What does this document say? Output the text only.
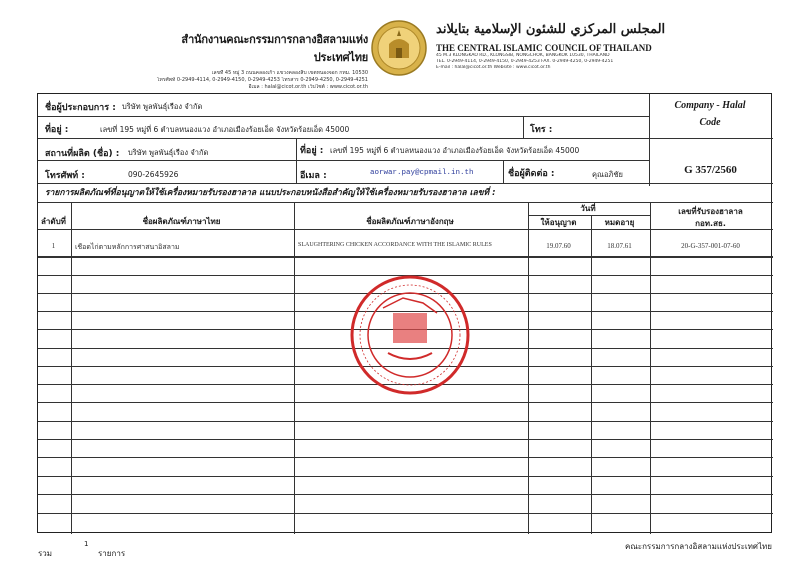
สำนักงานคณะกรรมการกลางอิสลามแห่งประเทศไทย
เลขที่ 45 หมู่ 3 ถนนคลองเก้า แขวงคลองสิบ เขตหนองจอก กทม. 10530
โทรศัพท์ 0-2949-4114, 0-2949-4150, 0-2949-4253 โทรสาร 0-2949-4250, 0-2949-4251
อีเมล : halal@cicot.or.th เว็บไซต์ : www.cicot.or.th
المجلس المركزي للشئون الإسلامية بتايلاند
THE CENTRAL ISLAMIC COUNCIL OF THAILAND
45 M.3 KLONGKAO RD., KLONGSIB, NONGCHOK, BANGKOK 10530, THAILAND
TEL. 0-2949-4114, 0-2949-4150, 0-2949-4253 FAX. 0-2949-4250, 0-2949-4251
E-mail : halal@cicot.or.th Website : www.cicot.or.th
ชื่อผู้ประกอบการ : บริษัท พูลพันธุ์เรือง จำกัด
ที่อยู่ :	เลขที่ 195 หมู่ที่ 6 ตำบลหนองแวง อำเภอเมืองร้อยเอ็ด จังหวัดร้อยเอ็ด 45000	โทร :
Company - Halal
Code
สถานที่ผลิต (ชื่อ) : บริษัท พูลพันธุ์เรือง จำกัด	ที่อยู่ : เลขที่ 195 หมู่ที่ 6 ตำบลหนองแวง อำเภอเมืองร้อยเอ็ด จังหวัดร้อยเอ็ด 45000
โทรศัพท์ :	090-2645926	อีเมล :	aorwar.pay@cpmail.in.th	ชื่อผู้ติดต่อ :	คุณอภิชัย	G 357/2560
รายการผลิตภัณฑ์ที่อนุญาตให้ใช้เครื่องหมายรับรองฮาลาล แนบประกอบหนังสือสำคัญให้ใช้เครื่องหมายรับรองฮาลาล เลขที่ :
ลำดับที่	ชื่อผลิตภัณฑ์ภาษาไทย	ชื่อผลิตภัณฑ์ภาษาอังกฤษ
วันที่
ให้อนุญาต	หมดอายุ
เลขที่รับรองฮาลาล
กอท.สธ.
1	เชือดไก่ตามหลักการศาสนาอิสลาม	SLAUGHTERING CHICKEN ACCORDANCE WITH THE ISLAMIC RULES	19.07.60	18.07.61	20-G-357-001-07-60
รวม
1
รายการ
คณะกรรมการกลางอิสลามแห่งประเทศไทย
